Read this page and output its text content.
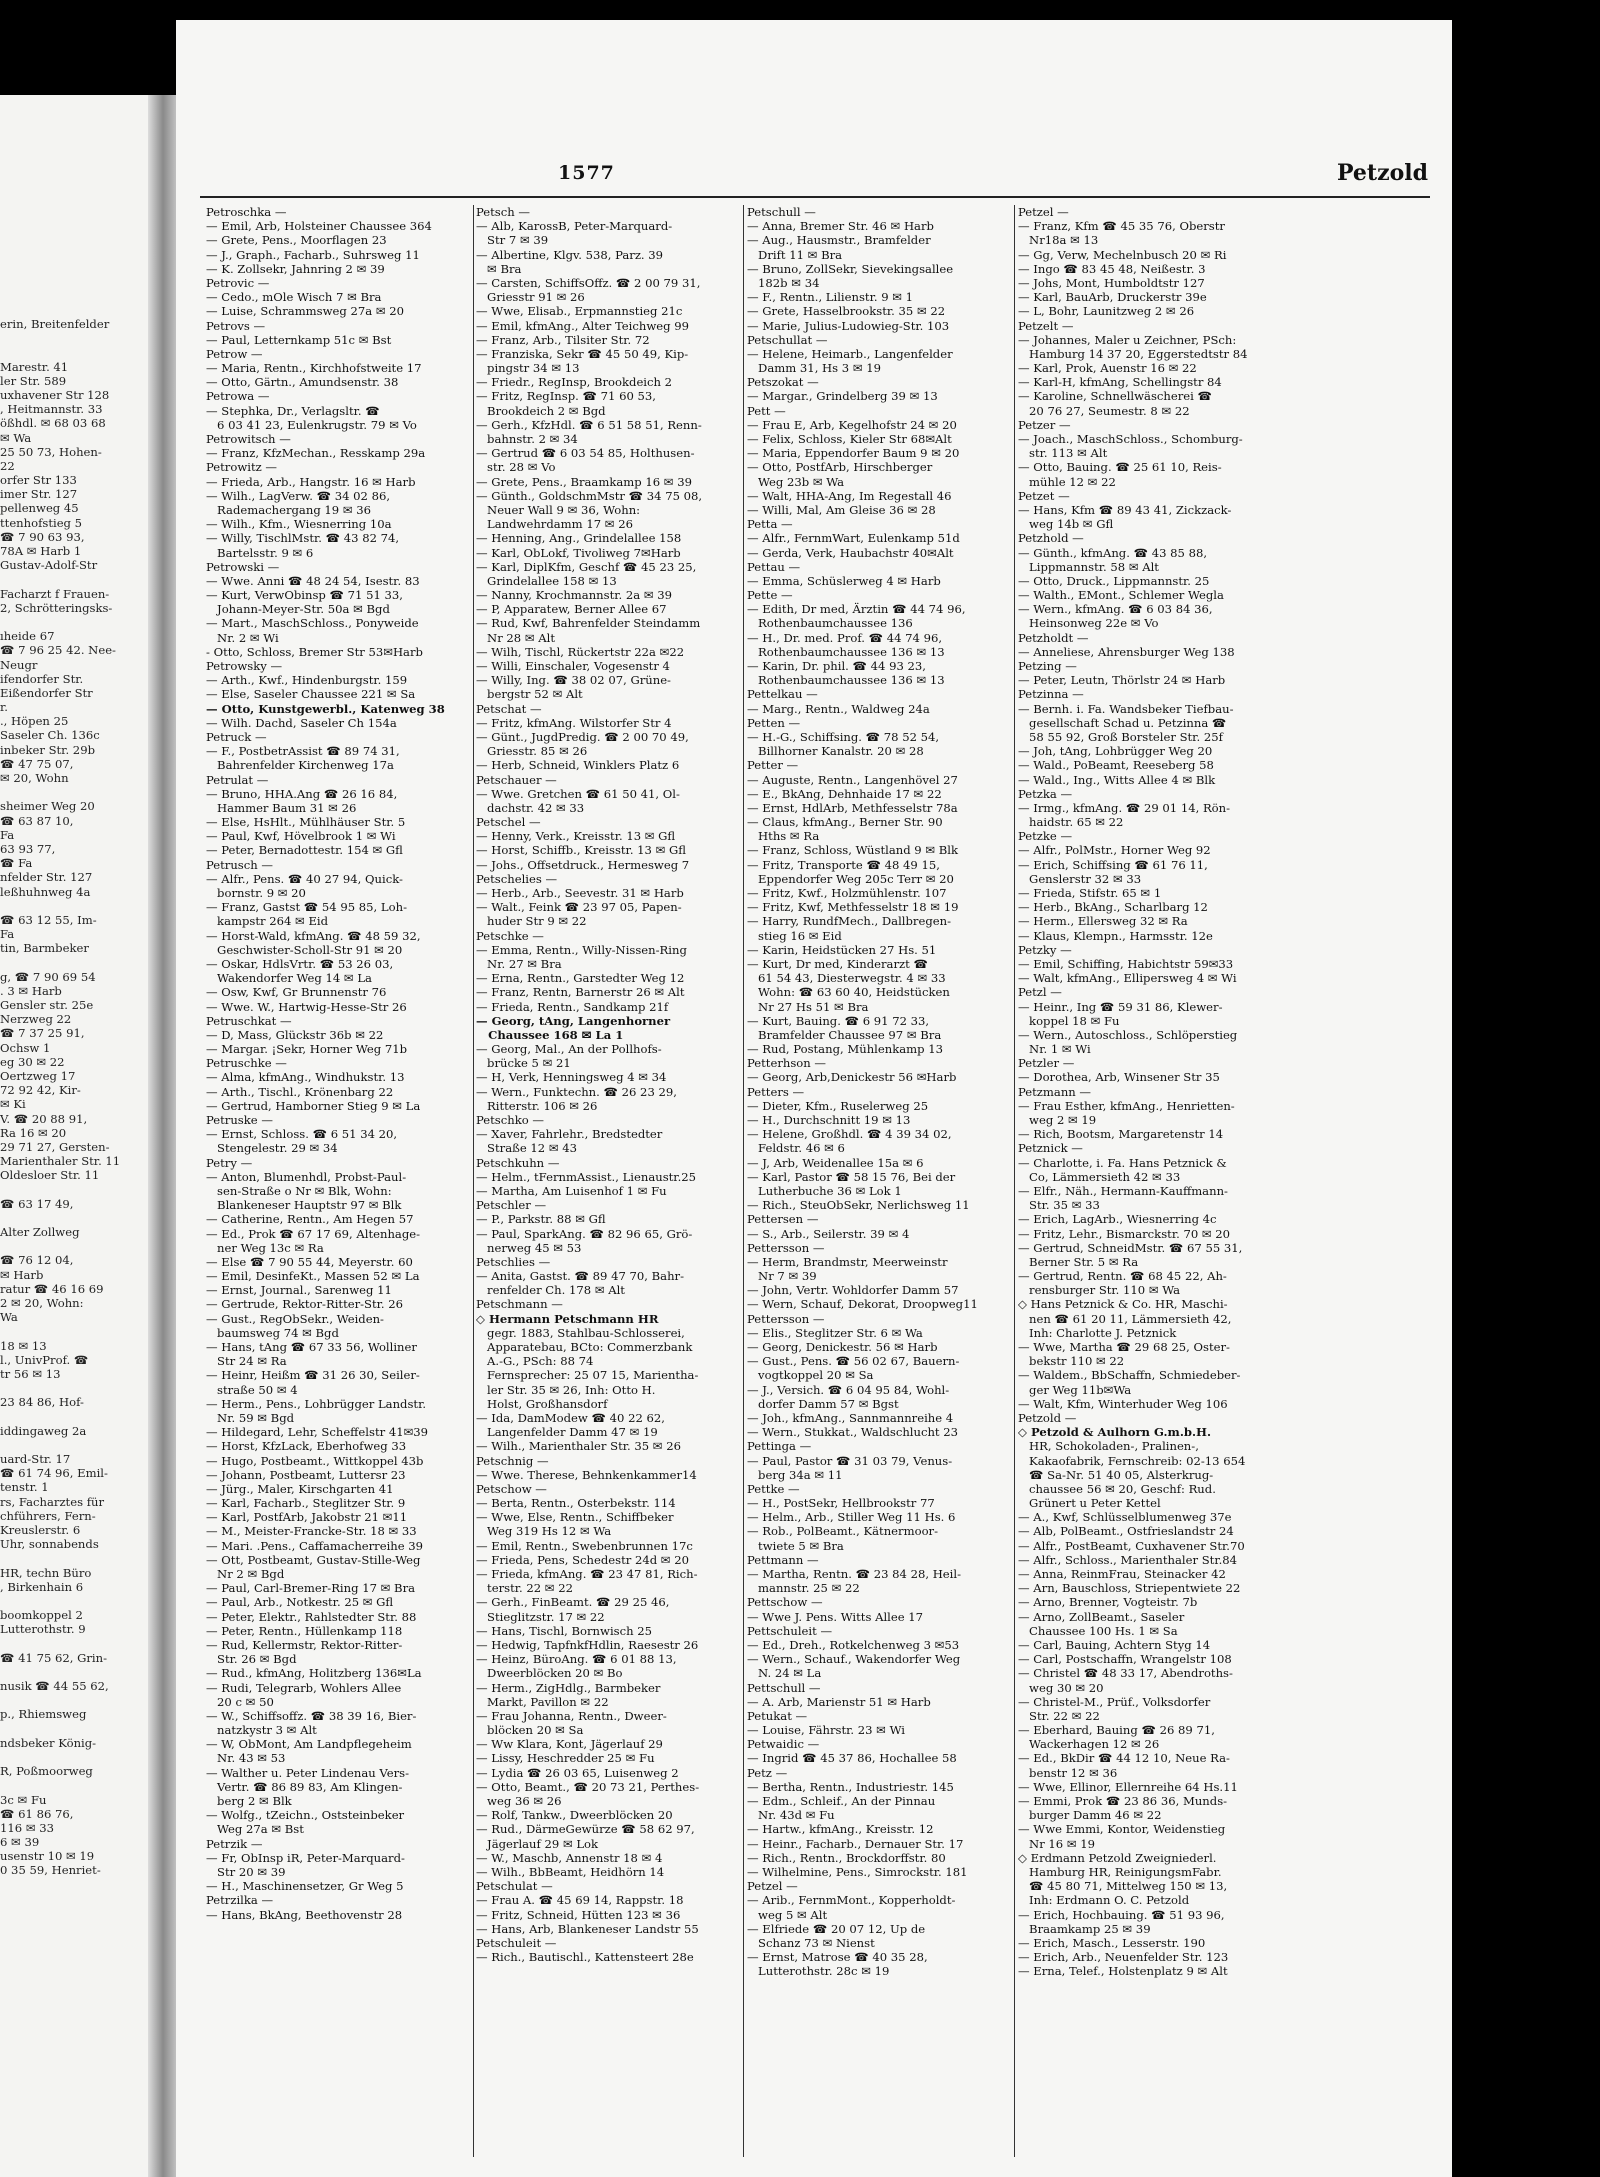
erin, Breitenfelder
Marestr. 41
ler Str. 589
uxhavener Str 128
, Heitmannstr. 33
ößhdl. ✉ 68 03 68
✉ Wa
25 50 73, Hohen-
22
orfer Str 133
imer Str. 127
pellenweg 45
ttenhofstieg 5
☎ 7 90 63 93,
78A ✉ Harb 1
Gustav-Adolf-Str
Facharzt f Frauen-
2, Schrötteringsks-
ıheide 67
☎ 7 96 25 42. Nee-
Neugr
ifendorfer Str.
Eißendorfer Str
r.
., Höpen 25
Saseler Ch. 136c
inbeker Str. 29b
☎ 47 75 07,
✉ 20, Wohn
sheimer Weg 20
☎ 63 87 10,
Fa
63 93 77,
☎ Fa
nfelder Str. 127
leßhuhnweg 4a
☎ 63 12 55, Im-
Fa
tin, Barmbeker
g, ☎ 7 90 69 54
. 3 ✉ Harb
Gensler str. 25e
Nerzweg 22
☎ 7 37 25 91,
Ochsw 1
eg 30 ✉ 22
Oertzweg 17
72 92 42, Kir-
✉ Ki
V. ☎ 20 88 91,
Ra 16 ✉ 20
29 71 27, Gersten-
Marienthaler Str. 11
Oldesloer Str. 11
☎ 63 17 49,
Alter Zollweg
☎ 76 12 04,
✉ Harb
ratur ☎ 46 16 69
2 ✉ 20, Wohn:
Wa
18 ✉ 13
l., UnivProf. ☎
tr 56 ✉ 13
23 84 86, Hof-
iddingaweg 2a
uard-Str. 17
☎ 61 74 96, Emil-
tenstr. 1
rs, Facharztes für
chführers, Fern-
Kreuslerstr. 6
Uhr, sonnabends
HR, techn Büro
, Birkenhain 6
boomkoppel 2
Lutterothstr. 9
☎ 41 75 62, Grin-
nusik ☎ 44 55 62,
p., Rhiemsweg
ndsbeker König-
R, Poßmoorweg
3c ✉ Fu
☎ 61 86 76,
116 ✉ 33
6 ✉ 39
usenstr 10 ✉ 19
0 35 59, Henriet-
1577	Petzold
Petroschka —
— Emil, Arb, Holsteiner Chaussee 364
— Grete, Pens., Moorflagen 23
— J., Graph., Facharb., Suhrsweg 11
— K. Zollsekr, Jahnring 2 ✉ 39
Petrovic —
— Cedo., mOle Wisch 7 ✉ Bra
— Luise, Schrammsweg 27a ✉ 20
Petrovs —
— Paul, Letternkamp 51c ✉ Bst
Petrow —
— Maria, Rentn., Kirchhofstweite 17
— Otto, Gärtn., Amundsenstr. 38
Petrowa —
— Stephka, Dr., Verlagsltr. ☎
6 03 41 23, Eulenkrugstr. 79 ✉ Vo
Petrowitsch —
— Franz, KfzMechan., Resskamp 29a
Petrowitz —
— Frieda, Arb., Hangstr. 16 ✉ Harb
— Wilh., LagVerw. ☎ 34 02 86,
Rademachergang 19 ✉ 36
— Wilh., Kfm., Wiesnerring 10a
— Willy, TischlMstr. ☎ 43 82 74,
Bartelsstr. 9 ✉ 6
Petrowski —
— Wwe. Anni ☎ 48 24 54, Isestr. 83
— Kurt, VerwObinsp ☎ 71 51 33,
Johann-Meyer-Str. 50a ✉ Bgd
— Mart., MaschSchloss., Ponyweide
Nr. 2 ✉ Wi
- Otto, Schloss, Bremer Str 53✉Harb
Petrowsky —
— Arth., Kwf., Hindenburgstr. 159
— Else, Saseler Chaussee 221 ✉ Sa
— Otto, Kunstgewerbl., Katenweg 38
— Wilh. Dachd, Saseler Ch 154a
Petruck —
— F., PostbetrAssist ☎ 89 74 31,
Bahrenfelder Kirchenweg 17a
Petrulat —
— Bruno, HHA.Ang ☎ 26 16 84,
Hammer Baum 31 ✉ 26
— Else, HsHlt., Mühlhäuser Str. 5
— Paul, Kwf, Hövelbrook 1 ✉ Wi
— Peter, Bernadottestr. 154 ✉ Gfl
Petrusch —
— Alfr., Pens. ☎ 40 27 94, Quick-
bornstr. 9 ✉ 20
— Franz, Gastst ☎ 54 95 85, Loh-
kampstr 264 ✉ Eid
— Horst-Wald, kfmAng. ☎ 48 59 32,
Geschwister-Scholl-Str 91 ✉ 20
— Oskar, HdlsVrtr. ☎ 53 26 03,
Wakendorfer Weg 14 ✉ La
— Osw, Kwf, Gr Brunnenstr 76
— Wwe. W., Hartwig-Hesse-Str 26
Petruschkat —
— D, Mass, Glückstr 36b ✉ 22
— Margar. ¡Sekr, Horner Weg 71b
Petruschke —
— Alma, kfmAng., Windhukstr. 13
— Arth., Tischl., Krönenbarg 22
— Gertrud, Hamborner Stieg 9 ✉ La
Petruske —
— Ernst, Schloss. ☎ 6 51 34 20,
Stengelestr. 29 ✉ 34
Petry —
— Anton, Blumenhdl, Probst-Paul-
sen-Straße o Nr ✉ Blk, Wohn:
Blankeneser Hauptstr 97 ✉ Blk
— Catherine, Rentn., Am Hegen 57
— Ed., Prok ☎ 67 17 69, Altenhage-
ner Weg 13c ✉ Ra
— Else ☎ 7 90 55 44, Meyerstr. 60
— Emil, DesinfeKt., Massen 52 ✉ La
— Ernst, Journal., Sarenweg 11
— Gertrude, Rektor-Ritter-Str. 26
— Gust., RegObSekr., Weiden-
baumsweg 74 ✉ Bgd
— Hans, tAng ☎ 67 33 56, Wolliner
Str 24 ✉ Ra
— Heinr, Heißm ☎ 31 26 30, Seiler-
straße 50 ✉ 4
— Herm., Pens., Lohbrügger Landstr.
Nr. 59 ✉ Bgd
— Hildegard, Lehr, Scheffelstr 41✉39
— Horst, KfzLack, Eberhofweg 33
— Hugo, Postbeamt., Wittkoppel 43b
— Johann, Postbeamt, Luttersr 23
— Jürg., Maler, Kirschgarten 41
— Karl, Facharb., Steglitzer Str. 9
— Karl, PostfArb, Jakobstr 21 ✉11
— M., Meister-Francke-Str. 18 ✉ 33
— Mari. .Pens., Caffamacherreihe 39
— Ott, Postbeamt, Gustav-Stille-Weg
Nr 2 ✉ Bgd
— Paul, Carl-Bremer-Ring 17 ✉ Bra
— Paul, Arb., Notkestr. 25 ✉ Gfl
— Peter, Elektr., Rahlstedter Str. 88
— Peter, Rentn., Hüllenkamp 118
— Rud, Kellermstr, Rektor-Ritter-
Str. 26 ✉ Bgd
— Rud., kfmAng, Holitzberg 136✉La
— Rudi, Telegrarb, Wohlers Allee
20 c ✉ 50
— W., Schiffsoffz. ☎ 38 39 16, Bier-
natzkystr 3 ✉ Alt
— W, ObMont, Am Landpflegeheim
Nr. 43 ✉ 53
— Walther u. Peter Lindenau Vers-
Vertr. ☎ 86 89 83, Am Klingen-
berg 2 ✉ Blk
— Wolfg., tZeichn., Oststeinbeker
Weg 27a ✉ Bst
Petrzik —
— Fr, ObInsp iR, Peter-Marquard-
Str 20 ✉ 39
— H., Maschinensetzer, Gr Weg 5
Petrzilka —
— Hans, BkAng, Beethovenstr 28
Petsch —
— Alb, KarossB, Peter-Marquard-
Str 7 ✉ 39
— Albertine, Klgv. 538, Parz. 39
✉ Bra
— Carsten, SchiffsOffz. ☎ 2 00 79 31,
Griesstr 91 ✉ 26
— Wwe, Elisab., Erpmannstieg 21c
— Emil, kfmAng., Alter Teichweg 99
— Franz, Arb., Tilsiter Str. 72
— Franziska, Sekr ☎ 45 50 49, Kip-
pingstr 34 ✉ 13
— Friedr., RegInsp, Brookdeich 2
— Fritz, RegInsp. ☎ 71 60 53,
Brookdeich 2 ✉ Bgd
— Gerh., KfzHdl. ☎ 6 51 58 51, Renn-
bahnstr. 2 ✉ 34
— Gertrud ☎ 6 03 54 85, Holthusen-
str. 28 ✉ Vo
— Grete, Pens., Braamkamp 16 ✉ 39
— Günth., GoldschmMstr ☎ 34 75 08,
Neuer Wall 9 ✉ 36, Wohn:
Landwehrdamm 17 ✉ 26
— Henning, Ang., Grindelallee 158
— Karl, ObLokf, Tivoliweg 7✉Harb
— Karl, DiplKfm, Geschf ☎ 45 23 25,
Grindelallee 158 ✉ 13
— Nanny, Krochmannstr. 2a ✉ 39
— P, Apparatew, Berner Allee 67
— Rud, Kwf, Bahrenfelder Steindamm
Nr 28 ✉ Alt
— Wilh, Tischl, Rückertstr 22a ✉22
— Willi, Einschaler, Vogesenstr 4
— Willy, Ing. ☎ 38 02 07, Grüne-
bergstr 52 ✉ Alt
Petschat —
— Fritz, kfmAng. Wilstorfer Str 4
— Günt., JugdPredig. ☎ 2 00 70 49,
Griesstr. 85 ✉ 26
— Herb, Schneid, Winklers Platz 6
Petschauer —
— Wwe. Gretchen ☎ 61 50 41, Ol-
dachstr. 42 ✉ 33
Petschel —
— Henny, Verk., Kreisstr. 13 ✉ Gfl
— Horst, Schiffb., Kreisstr. 13 ✉ Gfl
— Johs., Offsetdruck., Hermesweg 7
Petschelies —
— Herb., Arb., Seevestr. 31 ✉ Harb
— Walt., Feink ☎ 23 97 05, Papen-
huder Str 9 ✉ 22
Petschke —
— Emma, Rentn., Willy-Nissen-Ring
Nr. 27 ✉ Bra
— Erna, Rentn., Garstedter Weg 12
— Franz, Rentn, Barnerstr 26 ✉ Alt
— Frieda, Rentn., Sandkamp 21f
— Georg, tAng, Langenhorner
Chaussee 168 ✉ La 1
— Georg, Mal., An der Pollhofs-
brücke 5 ✉ 21
— H, Verk, Henningsweg 4 ✉ 34
— Wern., Funktechn. ☎ 26 23 29,
Ritterstr. 106 ✉ 26
Petschko —
— Xaver, Fahrlehr., Bredstedter
Straße 12 ✉ 43
Petschkuhn —
— Helm., tFernmAssist., Lienaustr.25
— Martha, Am Luisenhof 1 ✉ Fu
Petschler —
— P., Parkstr. 88 ✉ Gfl
— Paul, SparkAng. ☎ 82 96 65, Grö-
nerweg 45 ✉ 53
Petschlies —
— Anita, Gastst. ☎ 89 47 70, Bahr-
renfelder Ch. 178 ✉ Alt
Petschmann —
◇ Hermann Petschmann HR
gegr. 1883, Stahlbau-Schlosserei,
Apparatebau, BCto: Commerzbank
A.-G., PSch: 88 74
Fernsprecher: 25 07 15, Marientha-
ler Str. 35 ✉ 26, Inh: Otto H.
Holst, Großhansdorf
— Ida, DamModew ☎ 40 22 62,
Langenfelder Damm 47 ✉ 19
— Wilh., Marienthaler Str. 35 ✉ 26
Petschnig —
— Wwe. Therese, Behnkenkammer14
Petschow —
— Berta, Rentn., Osterbekstr. 114
— Wwe, Else, Rentn., Schiffbeker
Weg 319 Hs 12 ✉ Wa
— Emil, Rentn., Swebenbrunnen 17c
— Frieda, Pens, Schedestr 24d ✉ 20
— Frieda, kfmAng. ☎ 23 47 81, Rich-
terstr. 22 ✉ 22
— Gerh., FinBeamt. ☎ 29 25 46,
Stieglitzstr. 17 ✉ 22
— Hans, Tischl, Bornwisch 25
— Hedwig, TapfnkfHdlin, Raesestr 26
— Heinz, BüroAng. ☎ 6 01 88 13,
Dweerblöcken 20 ✉ Bo
— Herm., ZigHdlg., Barmbeker
Markt, Pavillon ✉ 22
— Frau Johanna, Rentn., Dweer-
blöcken 20 ✉ Sa
— Ww Klara, Kont, Jägerlauf 29
— Lissy, Heschredder 25 ✉ Fu
— Lydia ☎ 26 03 65, Luisenweg 2
— Otto, Beamt., ☎ 20 73 21, Perthes-
weg 36 ✉ 26
— Rolf, Tankw., Dweerblöcken 20
— Rud., DärmeGewürze ☎ 58 62 97,
Jägerlauf 29 ✉ Lok
— W., Maschb, Annenstr 18 ✉ 4
— Wilh., BbBeamt, Heidhörn 14
Petschulat —
— Frau A. ☎ 45 69 14, Rappstr. 18
— Fritz, Schneid, Hütten 123 ✉ 36
— Hans, Arb, Blankeneser Landstr 55
Petschuleit —
— Rich., Bautischl., Kattensteert 28e
Petschull —
— Anna, Bremer Str. 46 ✉ Harb
— Aug., Hausmstr., Bramfelder
Drift 11 ✉ Bra
— Bruno, ZollSekr, Sievekingsallee
182b ✉ 34
— F., Rentn., Lilienstr. 9 ✉ 1
— Grete, Hasselbrookstr. 35 ✉ 22
— Marie, Julius-Ludowieg-Str. 103
Petschullat —
— Helene, Heimarb., Langenfelder
Damm 31, Hs 3 ✉ 19
Petszokat —
— Margar., Grindelberg 39 ✉ 13
Pett —
— Frau E, Arb, Kegelhofstr 24 ✉ 20
— Felix, Schloss, Kieler Str 68✉Alt
— Maria, Eppendorfer Baum 9 ✉ 20
— Otto, PostfArb, Hirschberger
Weg 23b ✉ Wa
— Walt, HHA-Ang, Im Regestall 46
— Willi, Mal, Am Gleise 36 ✉ 28
Petta —
— Alfr., FernmWart, Eulenkamp 51d
— Gerda, Verk, Haubachstr 40✉Alt
Pettau —
— Emma, Schüslerweg 4 ✉ Harb
Pette —
— Edith, Dr med, Ärztin ☎ 44 74 96,
Rothenbaumchaussee 136
— H., Dr. med. Prof. ☎ 44 74 96,
Rothenbaumchaussee 136 ✉ 13
— Karin, Dr. phil. ☎ 44 93 23,
Rothenbaumchaussee 136 ✉ 13
Pettelkau —
— Marg., Rentn., Waldweg 24a
Petten —
— H.-G., Schiffsing. ☎ 78 52 54,
Billhorner Kanalstr. 20 ✉ 28
Petter —
— Auguste, Rentn., Langenhövel 27
— E., BkAng, Dehnhaide 17 ✉ 22
— Ernst, HdlArb, Methfesselstr 78a
— Claus, kfmAng., Berner Str. 90
Hths ✉ Ra
— Franz, Schloss, Wüstland 9 ✉ Blk
— Fritz, Transporte ☎ 48 49 15,
Eppendorfer Weg 205c Terr ✉ 20
— Fritz, Kwf., Holzmühlenstr. 107
— Fritz, Kwf, Methfesselstr 18 ✉ 19
— Harry, RundfMech., Dallbregen-
stieg 16 ✉ Eid
— Karin, Heidstücken 27 Hs. 51
— Kurt, Dr med, Kinderarzt ☎
61 54 43, Diesterwegstr. 4 ✉ 33
Wohn: ☎ 63 60 40, Heidstücken
Nr 27 Hs 51 ✉ Bra
— Kurt, Bauing. ☎ 6 91 72 33,
Bramfelder Chaussee 97 ✉ Bra
— Rud, Postang, Mühlenkamp 13
Petterhson —
— Georg, Arb,Denickestr 56 ✉Harb
Petters —
— Dieter, Kfm., Ruselerweg 25
— H., Durchschnitt 19 ✉ 13
— Helene, Großhdl. ☎ 4 39 34 02,
Feldstr. 46 ✉ 6
— J, Arb, Weidenallee 15a ✉ 6
— Karl, Pastor ☎ 58 15 76, Bei der
Lutherbuche 36 ✉ Lok 1
— Rich., SteuObSekr, Nerlichsweg 11
Pettersen —
— S., Arb., Seilerstr. 39 ✉ 4
Pettersson —
— Herm, Brandmstr, Meerweinstr
Nr 7 ✉ 39
— John, Vertr. Wohldorfer Damm 57
— Wern, Schauf, Dekorat, Droopweg11
Pettersson —
— Elis., Steglitzer Str. 6 ✉ Wa
— Georg, Denickestr. 56 ✉ Harb
— Gust., Pens. ☎ 56 02 67, Bauern-
vogtkoppel 20 ✉ Sa
— J., Versich. ☎ 6 04 95 84, Wohl-
dorfer Damm 57 ✉ Bgst
— Joh., kfmAng., Sannmannreihe 4
— Wern., Stukkat., Waldschlucht 23
Pettinga —
— Paul, Pastor ☎ 31 03 79, Venus-
berg 34a ✉ 11
Pettke —
— H., PostSekr, Hellbrookstr 77
— Helm., Arb., Stiller Weg 11 Hs. 6
— Rob., PolBeamt., Kätnermoor-
twiete 5 ✉ Bra
Pettmann —
— Martha, Rentn. ☎ 23 84 28, Heil-
mannstr. 25 ✉ 22
Pettschow —
— Wwe J. Pens. Witts Allee 17
Pettschuleit —
— Ed., Dreh., Rotkelchenweg 3 ✉53
— Wern., Schauf., Wakendorfer Weg
N. 24 ✉ La
Pettschull —
— A. Arb, Marienstr 51 ✉ Harb
Petukat —
— Louise, Fährstr. 23 ✉ Wi
Petwaidic —
— Ingrid ☎ 45 37 86, Hochallee 58
Petz —
— Bertha, Rentn., Industriestr. 145
— Edm., Schleif., An der Pinnau
Nr. 43d ✉ Fu
— Hartw., kfmAng., Kreisstr. 12
— Heinr., Facharb., Dernauer Str. 17
— Rich., Rentn., Brockdorffstr. 80
— Wilhelmine, Pens., Simrockstr. 181
Petzel —
— Arib., FernmMont., Kopperholdt-
weg 5 ✉ Alt
— Elfriede ☎ 20 07 12, Up de
Schanz 73 ✉ Nienst
— Ernst, Matrose ☎ 40 35 28,
Lutterothstr. 28c ✉ 19
Petzel —
— Franz, Kfm ☎ 45 35 76, Oberstr
Nr18a ✉ 13
— Gg, Verw, Mechelnbusch 20 ✉ Ri
— Ingo ☎ 83 45 48, Neißestr. 3
— Johs, Mont, Humboldtstr 127
— Karl, BauArb, Druckerstr 39e
— L, Bohr, Launitzweg 2 ✉ 26
Petzelt —
— Johannes, Maler u Zeichner, PSch:
Hamburg 14 37 20, Eggerstedtstr 84
— Karl, Prok, Auenstr 16 ✉ 22
— Karl-H, kfmAng, Schellingstr 84
— Karoline, Schnellwäscherei ☎
20 76 27, Seumestr. 8 ✉ 22
Petzer —
— Joach., MaschSchloss., Schomburg-
str. 113 ✉ Alt
— Otto, Bauing. ☎ 25 61 10, Reis-
mühle 12 ✉ 22
Petzet —
— Hans, Kfm ☎ 89 43 41, Zickzack-
weg 14b ✉ Gfl
Petzhold —
— Günth., kfmAng. ☎ 43 85 88,
Lippmannstr. 58 ✉ Alt
— Otto, Druck., Lippmannstr. 25
— Walth., EMont., Schlemer Wegla
— Wern., kfmAng. ☎ 6 03 84 36,
Heinsonweg 22e ✉ Vo
Petzholdt —
— Anneliese, Ahrensburger Weg 138
Petzing —
— Peter, Leutn, Thörlstr 24 ✉ Harb
Petzinna —
— Bernh. i. Fa. Wandsbeker Tiefbau-
gesellschaft Schad u. Petzinna ☎
58 55 92, Groß Borsteler Str. 25f
— Joh, tAng, Lohbrügger Weg 20
— Wald., PoBeamt, Reeseberg 58
— Wald., Ing., Witts Allee 4 ✉ Blk
Petzka —
— Irmg., kfmAng. ☎ 29 01 14, Rön-
haidstr. 65 ✉ 22
Petzke —
— Alfr., PolMstr., Horner Weg 92
— Erich, Schiffsing ☎ 61 76 11,
Genslerstr 32 ✉ 33
— Frieda, Stifstr. 65 ✉ 1
— Herb., BkAng., Scharlbarg 12
— Herm., Ellersweg 32 ✉ Ra
— Klaus, Klempn., Harmsstr. 12e
Petzky —
— Emil, Schiffing, Habichtstr 59✉33
— Walt, kfmAng., Ellipersweg 4 ✉ Wi
Petzl —
— Heinr., Ing ☎ 59 31 86, Klewer-
koppel 18 ✉ Fu
— Wern., Autoschloss., Schlöperstieg
Nr. 1 ✉ Wi
Petzler —
— Dorothea, Arb, Winsener Str 35
Petzmann —
— Frau Esther, kfmAng., Henrietten-
weg 2 ✉ 19
— Rich, Bootsm, Margaretenstr 14
Petznick —
— Charlotte, i. Fa. Hans Petznick &
Co, Lämmersieth 42 ✉ 33
— Elfr., Näh., Hermann-Kauffmann-
Str. 35 ✉ 33
— Erich, LagArb., Wiesnerring 4c
— Fritz, Lehr., Bismarckstr. 70 ✉ 20
— Gertrud, SchneidMstr. ☎ 67 55 31,
Berner Str. 5 ✉ Ra
— Gertrud, Rentn. ☎ 68 45 22, Ah-
rensburger Str. 110 ✉ Wa
◇ Hans Petznick & Co. HR, Maschi-
nen ☎ 61 20 11, Lämmersieth 42,
Inh: Charlotte J. Petznick
— Wwe, Martha ☎ 29 68 25, Oster-
bekstr 110 ✉ 22
— Waldem., BbSchaffn, Schmiedeber-
ger Weg 11b✉Wa
— Walt, Kfm, Winterhuder Weg 106
Petzold —
◇ Petzold & Aulhorn G.m.b.H.
HR, Schokoladen-, Pralinen-,
Kakaofabrik, Fernschreib: 02-13 654
☎ Sa-Nr. 51 40 05, Alsterkrug-
chaussee 56 ✉ 20, Geschf: Rud.
Grünert u Peter Kettel
— A., Kwf, Schlüsselblumenweg 37e
— Alb, PolBeamt., Ostfrieslandstr 24
— Alfr., PostBeamt, Cuxhavener Str.70
— Alfr., Schloss., Marienthaler Str.84
— Anna, ReinmFrau, Steinacker 42
— Arn, Bauschloss, Striepentwiete 22
— Arno, Brenner, Vogteistr. 7b
— Arno, ZollBeamt., Saseler
Chaussee 100 Hs. 1 ✉ Sa
— Carl, Bauing, Achtern Styg 14
— Carl, Postschaffn, Wrangelstr 108
— Christel ☎ 48 33 17, Abendroths-
weg 30 ✉ 20
— Christel-M., Prüf., Volksdorfer
Str. 22 ✉ 22
— Eberhard, Bauing ☎ 26 89 71,
Wackerhagen 12 ✉ 26
— Ed., BkDir ☎ 44 12 10, Neue Ra-
benstr 12 ✉ 36
— Wwe, Ellinor, Ellernreihe 64 Hs.11
— Emmi, Prok ☎ 23 86 36, Munds-
burger Damm 46 ✉ 22
— Wwe Emmi, Kontor, Weidenstieg
Nr 16 ✉ 19
◇ Erdmann Petzold Zweigniederl.
Hamburg HR, ReinigungsmFabr.
☎ 45 80 71, Mittelweg 150 ✉ 13,
Inh: Erdmann O. C. Petzold
— Erich, Hochbauing. ☎ 51 93 96,
Braamkamp 25 ✉ 39
— Erich, Masch., Lesserstr. 190
— Erich, Arb., Neuenfelder Str. 123
— Erna, Telef., Holstenplatz 9 ✉ Alt
